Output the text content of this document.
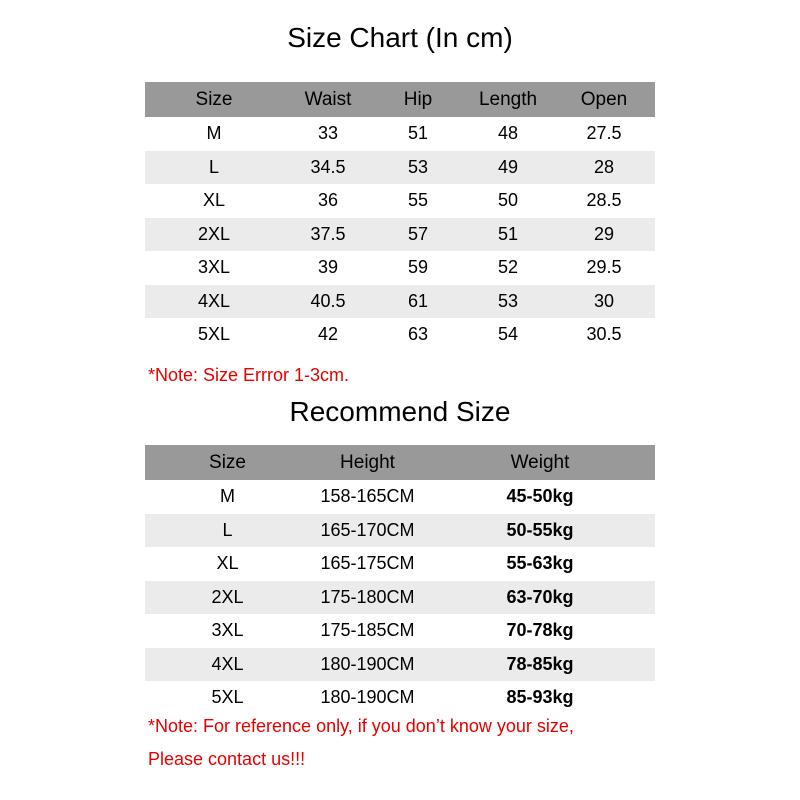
Size Chart (In cm)
Size	Waist	Hip	Length	Open
M	33	51	48	27.5
L	34.5	53	49	28
XL	36	55	50	28.5
2XL	37.5	57	51	29
3XL	39	59	52	29.5
4XL	40.5	61	53	30
5XL	42	63	54	30.5
*Note: Size Errror 1-3cm.
Recommend Size
Size	Height	Weight
M	158-165CM	45-50kg
L	165-170CM	50-55kg
XL	165-175CM	55-63kg
2XL	175-180CM	63-70kg
3XL	175-185CM	70-78kg
4XL	180-190CM	78-85kg
5XL	180-190CM	85-93kg
*Note: For reference only, if you don’t know your size,
Please contact us!!!
